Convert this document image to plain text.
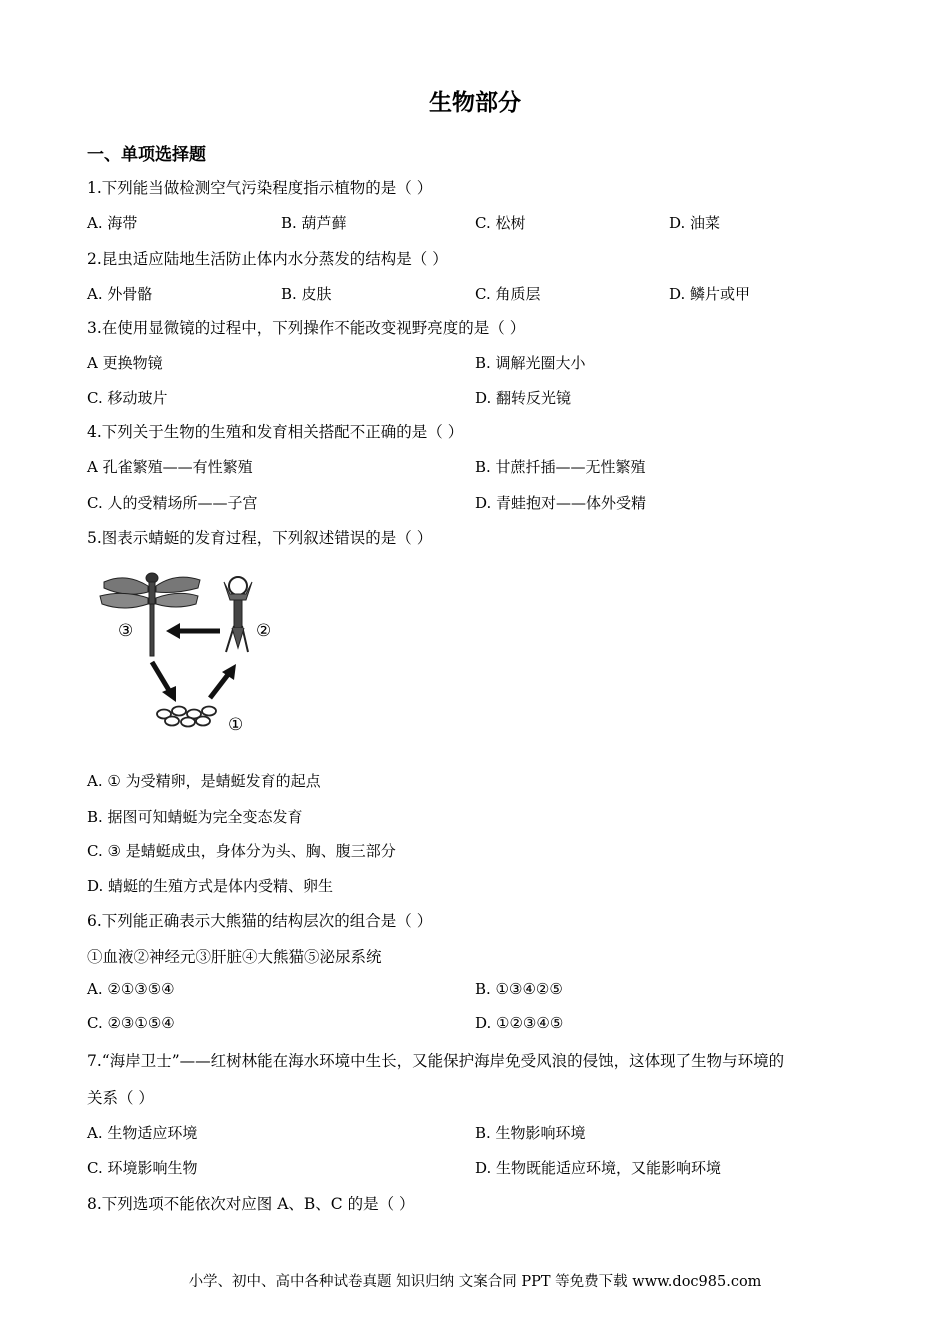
生物部分
一、单项选择题
1.下列能当做检测空气污染程度指示植物的是（ ）
A. 海带	B. 葫芦藓	C. 松树	D. 油菜
2.昆虫适应陆地生活防止体内水分蒸发的结构是（ ）
A. 外骨骼	B. 皮肤	C. 角质层	D. 鳞片或甲
3.在使用显微镜的过程中，下列操作不能改变视野亮度的是（ ）
A 更换物镜	B. 调解光圈大小
C. 移动玻片	D. 翻转反光镜
4.下列关于生物的生殖和发育相关搭配不正确的是（ ）
A 孔雀繁殖——有性繁殖	B. 甘蔗扦插——无性繁殖
C. 人的受精场所——子宫	D. 青蛙抱对——体外受精
5.图表示蜻蜓的发育过程，下列叙述错误的是（ ）
③	②
①
A. ① 为受精卵，是蜻蜓发育的起点
B. 据图可知蜻蜓为完全变态发育
C. ③ 是蜻蜓成虫，身体分为头、胸、腹三部分
D. 蜻蜓的生殖方式是体内受精、卵生
6.下列能正确表示大熊猫的结构层次的组合是（ ）
①血液②神经元③肝脏④大熊猫⑤泌尿系统
A. ②①③⑤④	B. ①③④②⑤
C. ②③①⑤④	D. ①②③④⑤
7.“海岸卫士”——红树林能在海水环境中生长，又能保护海岸免受风浪的侵蚀，这体现了生物与环境的
关系（ ）
A. 生物适应环境	B. 生物影响环境
C. 环境影响生物	D. 生物既能适应环境，又能影响环境
8.下列选项不能依次对应图 A、B、C 的是（ ）
小学、初中、高中各种试卷真题 知识归纳 文案合同 PPT 等免费下载 www.doc985.com
